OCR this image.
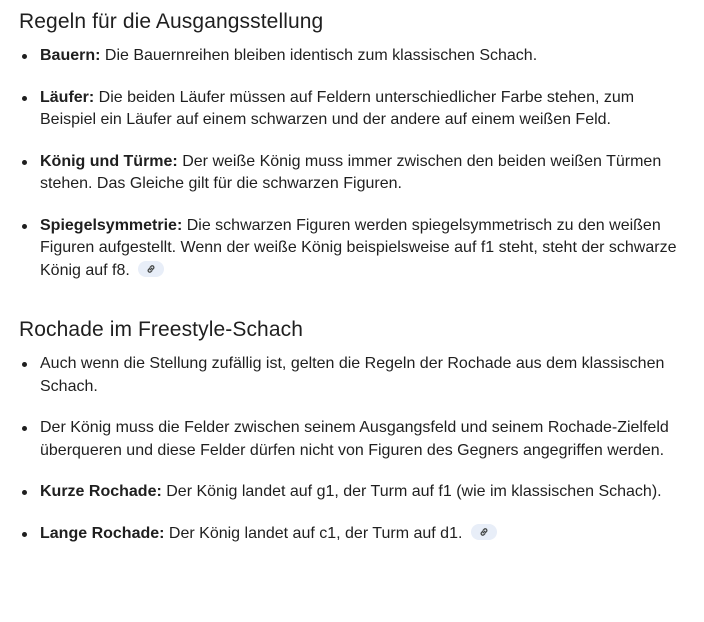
Regeln für die Ausgangsstellung
Bauern: Die Bauernreihen bleiben identisch zum klassischen Schach.
Läufer: Die beiden Läufer müssen auf Feldern unterschiedlicher Farbe stehen, zum Beispiel ein Läufer auf einem schwarzen und der andere auf einem weißen Feld.
König und Türme: Der weiße König muss immer zwischen den beiden weißen Türmen stehen. Das Gleiche gilt für die schwarzen Figuren.
Spiegelsymmetrie: Die schwarzen Figuren werden spiegelsymmetrisch zu den weißen Figuren aufgestellt. Wenn der weiße König beispielsweise auf f1 steht, steht der schwarze König auf f8.
Rochade im Freestyle-Schach
Auch wenn die Stellung zufällig ist, gelten die Regeln der Rochade aus dem klassischen Schach.
Der König muss die Felder zwischen seinem Ausgangsfeld und seinem Rochade-Zielfeld überqueren und diese Felder dürfen nicht von Figuren des Gegners angegriffen werden.
Kurze Rochade: Der König landet auf g1, der Turm auf f1 (wie im klassischen Schach).
Lange Rochade: Der König landet auf c1, der Turm auf d1.
